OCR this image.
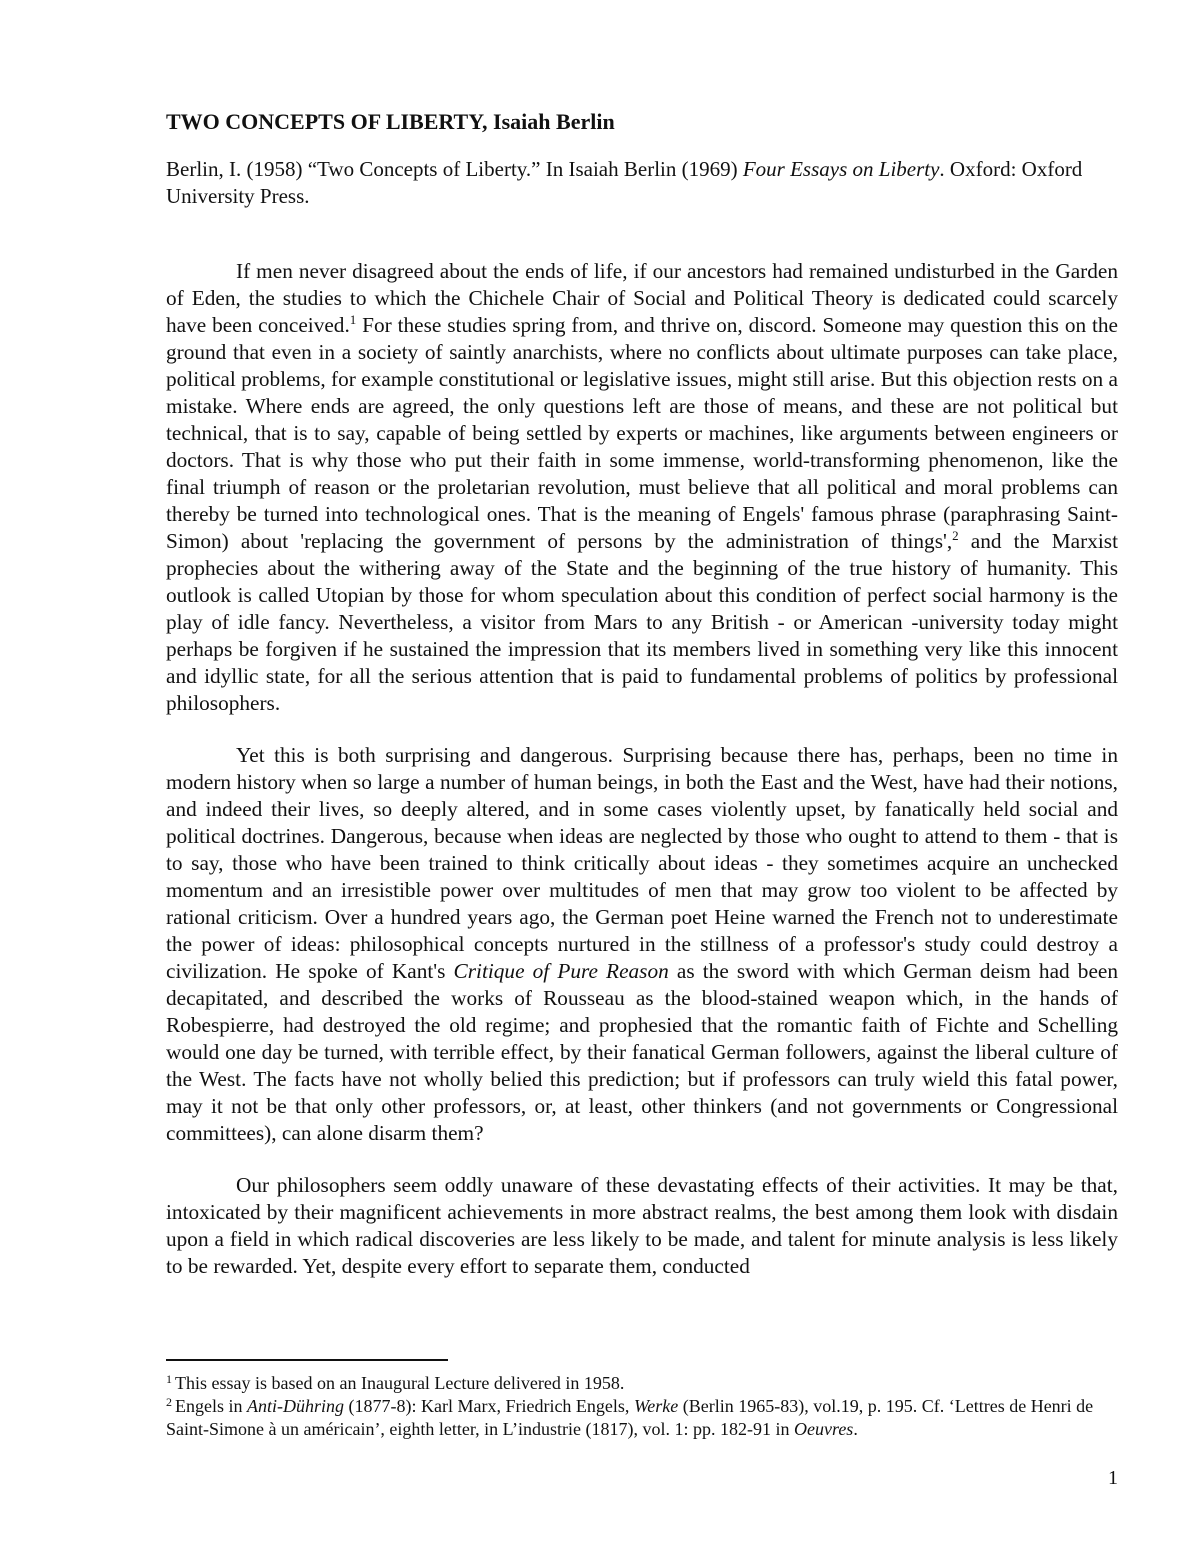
TWO CONCEPTS OF LIBERTY, Isaiah Berlin
Berlin, I. (1958) “Two Concepts of Liberty.” In Isaiah Berlin (1969) Four Essays on Liberty. Oxford: Oxford University Press.

If men never disagreed about the ends of life, if our ancestors had remained undisturbed in the Garden of Eden, the studies to which the Chichele Chair of Social and Political Theory is dedicated could scarcely have been conceived.$^1$ For these studies spring from, and thrive on, discord. Someone may question this on the ground that even in a society of saintly anarchists, where no conflicts about ultimate purposes can take place, political problems, for example constitutional or legislative issues, might still arise. But this objection rests on a mistake. Where ends are agreed, the only questions left are those of means, and these are not political but technical, that is to say, capable of being settled by experts or machines, like arguments between engineers or doctors. That is why those who put their faith in some immense, world-transforming phenomenon, like the final triumph of reason or the proletarian revolution, must believe that all political and moral problems can thereby be turned into technological ones. That is the meaning of Engels' famous phrase (paraphrasing Saint-Simon) about 'replacing the government of persons by the administration of things',$^2$ and the Marxist prophecies about the withering away of the State and the beginning of the true history of humanity. This outlook is called Utopian by those for whom speculation about this condition of perfect social harmony is the play of idle fancy. Nevertheless, a visitor from Mars to any British - or American -university today might perhaps be forgiven if he sustained the impression that its members lived in something very like this innocent and idyllic state, for all the serious attention that is paid to fundamental problems of politics by professional philosophers.

Yet this is both surprising and dangerous. Surprising because there has, perhaps, been no time in modern history when so large a number of human beings, in both the East and the West, have had their notions, and indeed their lives, so deeply altered, and in some cases violently upset, by fanatically held social and political doctrines. Dangerous, because when ideas are neglected by those who ought to attend to them - that is to say, those who have been trained to think critically about ideas - they sometimes acquire an unchecked momentum and an irresistible power over multitudes of men that may grow too violent to be affected by rational criticism. Over a hundred years ago, the German poet Heine warned the French not to underestimate the power of ideas: philosophical concepts nurtured in the stillness of a professor's study could destroy a civilization. He spoke of Kant's Critique of Pure Reason as the sword with which German deism had been decapitated, and described the works of Rousseau as the blood-stained weapon which, in the hands of Robespierre, had destroyed the old regime; and prophesied that the romantic faith of Fichte and Schelling would one day be turned, with terrible effect, by their fanatical German followers, against the liberal culture of the West. The facts have not wholly belied this prediction; but if professors can truly wield this fatal power, may it not be that only other professors, or, at least, other thinkers (and not governments or Congressional committees), can alone disarm them?

Our philosophers seem oddly unaware of these devastating effects of their activities. It may be that, intoxicated by their magnificent achievements in more abstract realms, the best among them look with disdain upon a field in which radical discoveries are less likely to be made, and talent for minute analysis is less likely to be rewarded. Yet, despite every effort to separate them, conducted

$^1$ This essay is based on an Inaugural Lecture delivered in 1958.

$^2$ Engels in Anti-Dühring (1877-8): Karl Marx, Friedrich Engels, Werke (Berlin 1965-83), vol.19, p. 195. Cf. ‘Lettres de Henri de Saint-Simone à un américain’, eighth letter, in L’industrie (1817), vol. 1: pp. 182-91 in Oeuvres.

1
